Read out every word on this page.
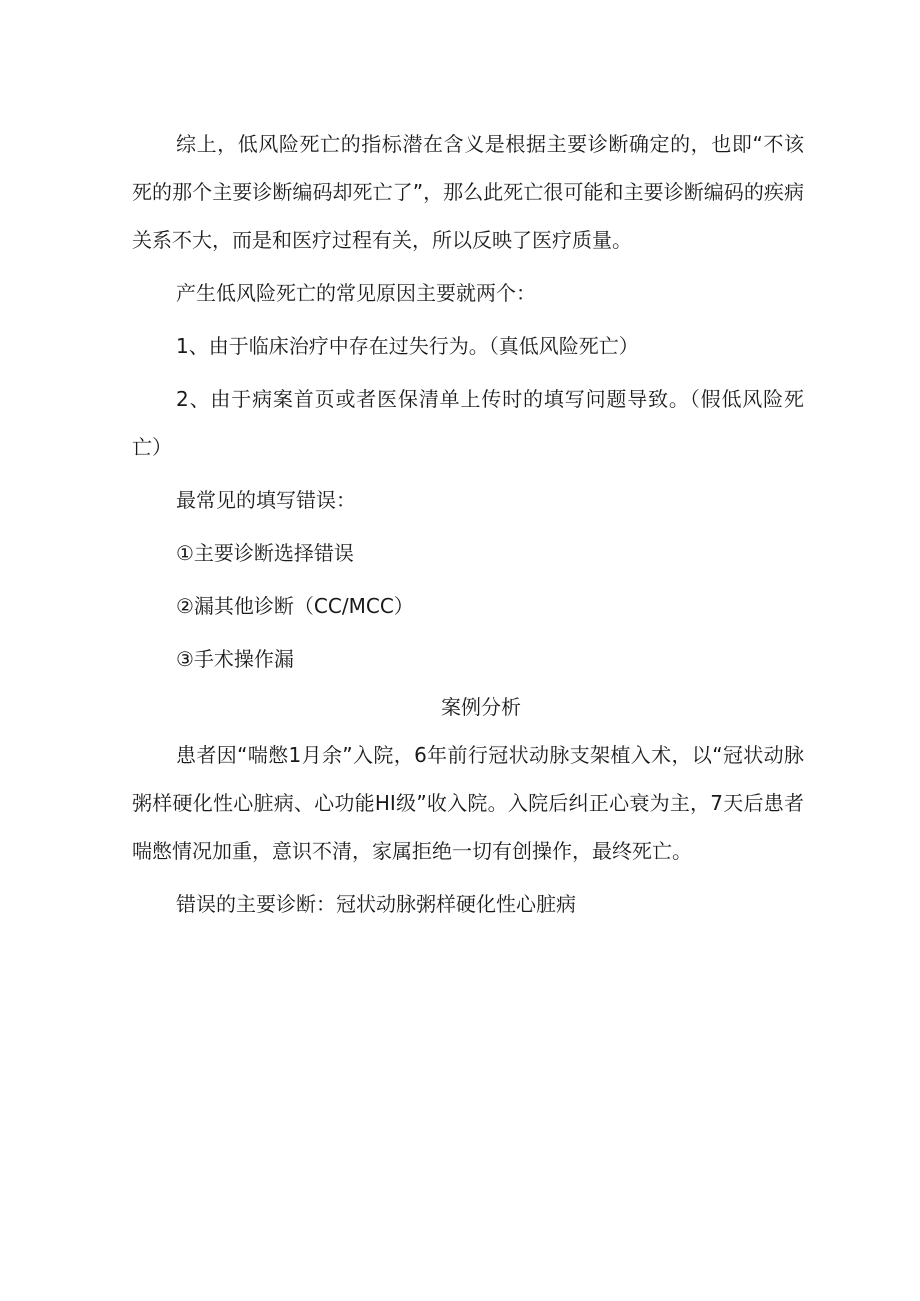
综上，低风险死亡的指标潜在含义是根据主要诊断确定的，也即“不该死的那个主要诊断编码却死亡了”，那么此死亡很可能和主要诊断编码的疾病关系不大，而是和医疗过程有关，所以反映了医疗质量。

产生低风险死亡的常见原因主要就两个：

1、由于临床治疗中存在过失行为。（真低风险死亡）

2、由于病案首页或者医保清单上传时的填写问题导致。（假低风险死亡）

最常见的填写错误：

①主要诊断选择错误

②漏其他诊断（CC/MCC）

③手术操作漏

案例分析

患者因“喘憋1月余”入院，6年前行冠状动脉支架植入术，以“冠状动脉粥样硬化性心脏病、心功能HI级”收入院。入院后纠正心衰为主，7天后患者喘憋情况加重，意识不清，家属拒绝一切有创操作，最终死亡。

错误的主要诊断：冠状动脉粥样硬化性心脏病
